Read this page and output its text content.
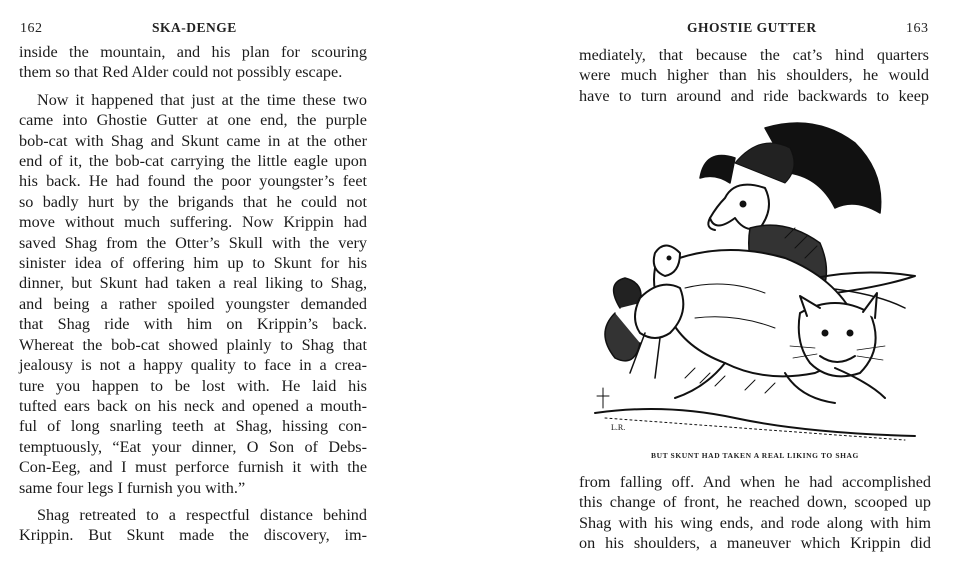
162	SKA-DENGE
inside the mountain, and his plan for scouring
them so that Red Alder could not possibly escape.
Now it happened that just at the time these two
came into Ghostie Gutter at one end, the purple
bob-cat with Shag and Skunt came in at the other
end of it, the bob-cat carrying the little eagle upon
his back. He had found the poor youngster’s feet
so badly hurt by the brigands that he could not
move without much suffering. Now Krippin had
saved Shag from the Otter’s Skull with the very
sinister idea of offering him up to Skunt for his
dinner, but Skunt had taken a real liking to Shag,
and being a rather spoiled youngster demanded
that Shag ride with him on Krippin’s back.
Whereat the bob-cat showed plainly to Shag that
jealousy is not a happy quality to face in a crea-
ture you happen to be lost with. He laid his
tufted ears back on his neck and opened a mouth-
ful of long snarling teeth at Shag, hissing con-
temptuously, “Eat your dinner, O Son of Debs-
Con-Eeg, and I must perforce furnish it with the
same four legs I furnish you with.”
Shag retreated to a respectful distance behind
Krippin. But Skunt made the discovery, im-
GHOSTIE GUTTER	163
mediately, that because the cat’s hind quarters
were much higher than his shoulders, he would
have to turn around and ride backwards to keep
from falling off. And when he had accomplished
this change of front, he reached down, scooped up
Shag with his wing ends, and rode along with him
on his shoulders, a maneuver which Krippin did
L.R.
BUT SKUNT HAD TAKEN A REAL LIKING TO SHAG
